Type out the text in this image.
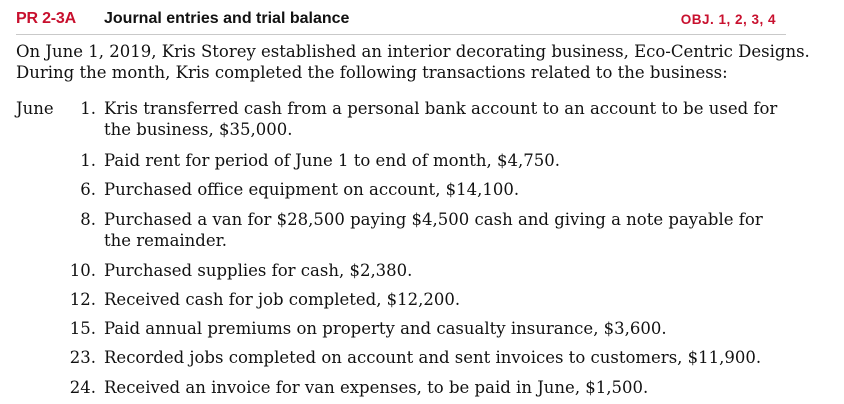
PR 2-3A Journal entries and trial balance	OBJ. 1, 2, 3, 4
On June 1, 2019, Kris Storey established an interior decorating business, Eco-Centric Designs. During the month, Kris completed the following transactions related to the business:
June	1. Kris transferred cash from a personal bank account to an account to be used for the business, $35,000.
1. Paid rent for period of June 1 to end of month, $4,750.
6. Purchased office equipment on account, $14,100.
8. Purchased a van for $28,500 paying $4,500 cash and giving a note payable for the remainder.
10. Purchased supplies for cash, $2,380.
12. Received cash for job completed, $12,200.
15. Paid annual premiums on property and casualty insurance, $3,600.
23. Recorded jobs completed on account and sent invoices to customers, $11,900.
24. Received an invoice for van expenses, to be paid in June, $1,500.
